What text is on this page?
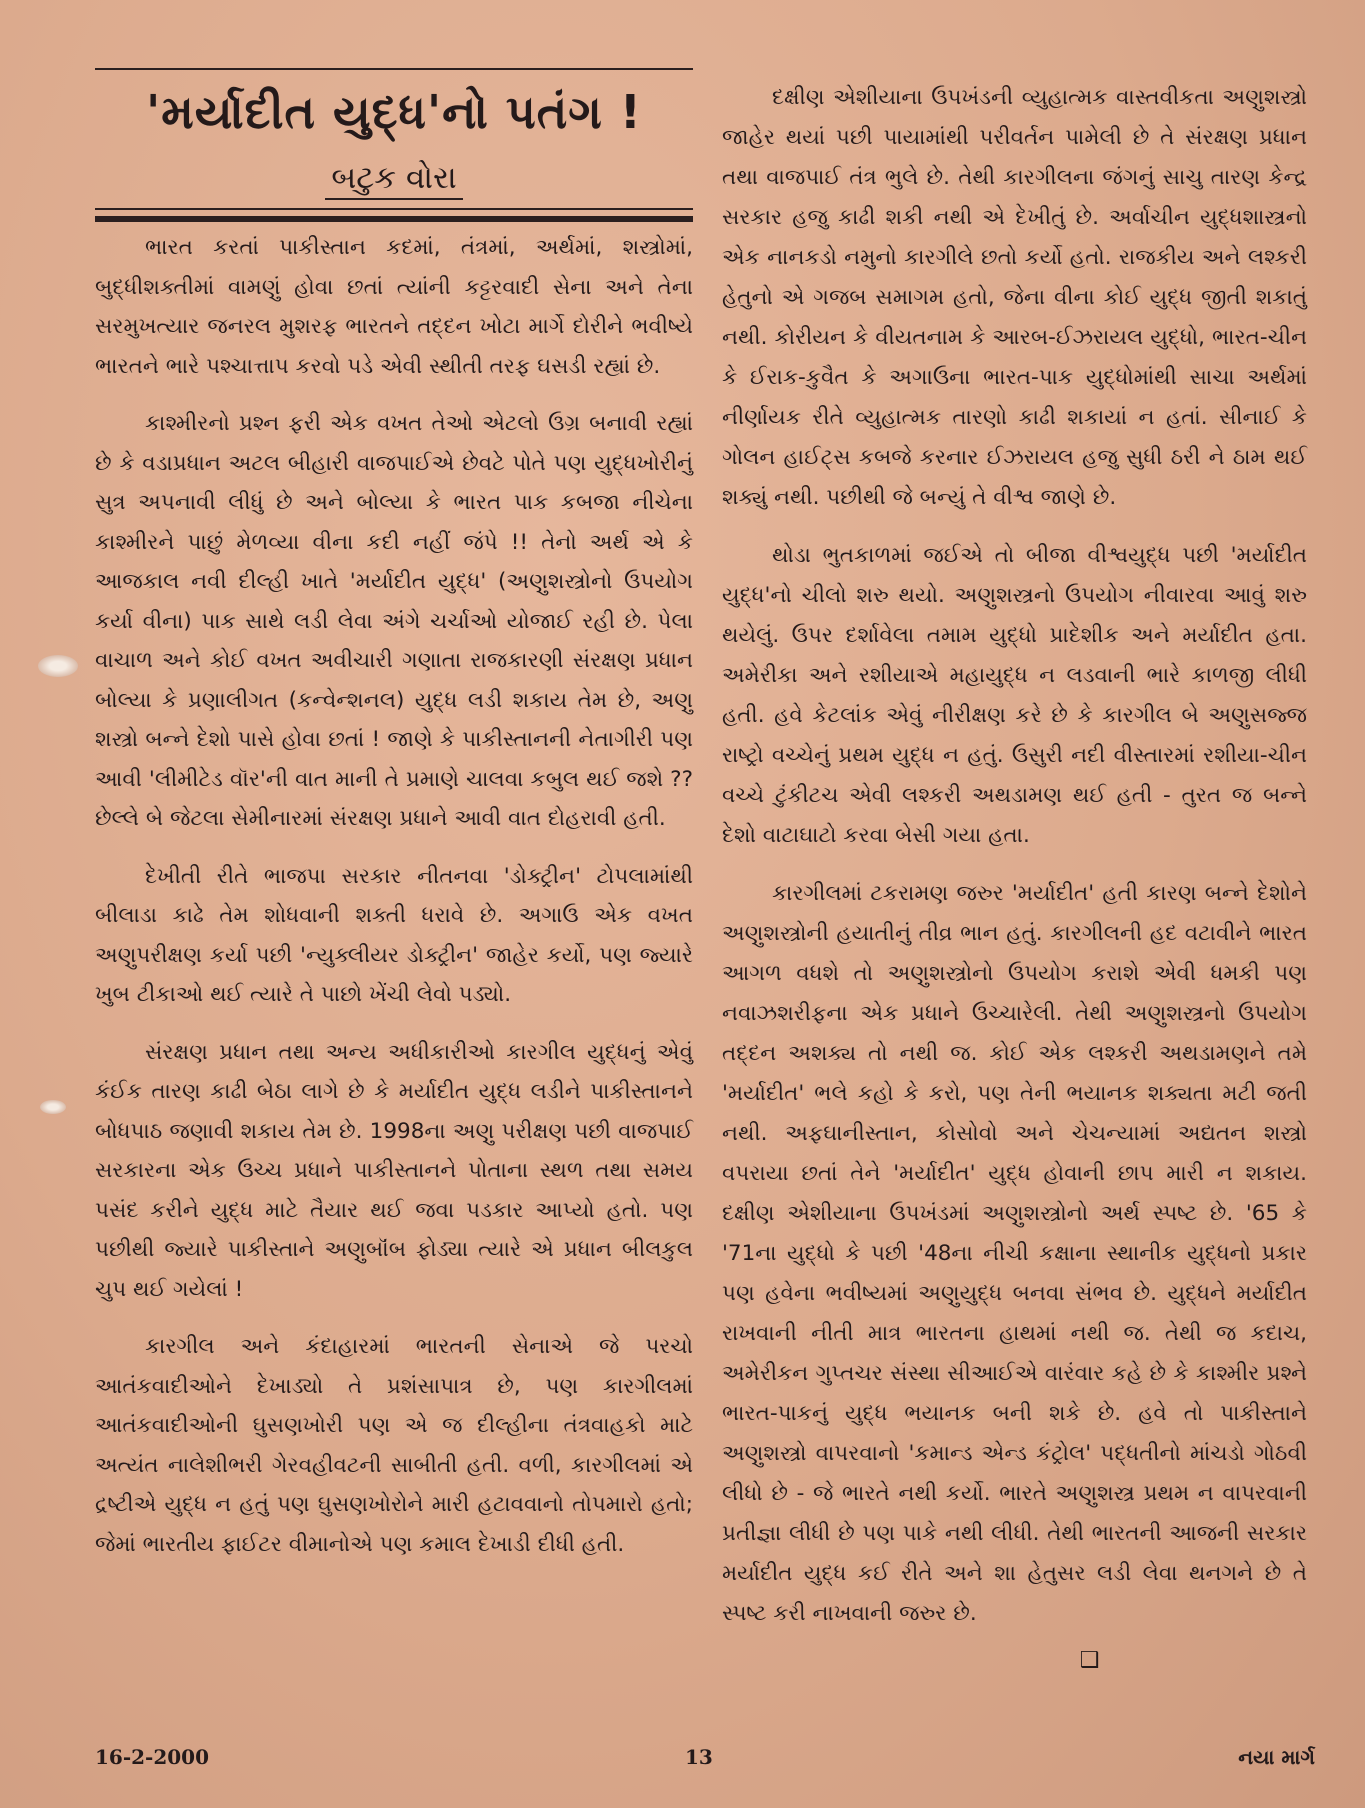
'મર્યાદીત યુદ્ધ'નો પતંગ !
બટુક વોરા

ભારત કરતાં પાકીસ્તાન કદમાં, તંત્રમાં, અર્થમાં, શસ્ત્રોમાં, બુદ્ધીશક્તીમાં વામણું હોવા છતાં ત્યાંની કટ્ટરવાદી સેના અને તેના સરમુખત્યાર જનરલ મુશરફ ભારતને તદ્દન ખોટા માર્ગે દોરીને ભવીષ્યે ભારતને ભારે પશ્ચાત્તાપ કરવો પડે એવી સ્થીતી તરફ ઘસડી રહ્યાં છે.

કાશ્મીરનો પ્રશ્ન ફરી એક વખત તેઓ એટલો ઉગ્ર બનાવી રહ્યાં છે કે વડાપ્રધાન અટલ બીહારી વાજપાઈએ છેવટે પોતે પણ યુદ્ધખોરીનું સુત્ર અપનાવી લીધું છે અને બોલ્યા કે ભારત પાક કબજા નીચેના કાશ્મીરને પાછું મેળવ્યા વીના કદી નહીં જંપે !! તેનો અર્થ એ કે આજકાલ નવી દીલ્હી ખાતે 'મર્યાદીત યુદ્ધ' (અણુશસ્ત્રોનો ઉપયોગ કર્યા વીના) પાક સાથે લડી લેવા અંગે ચર્ચાઓ યોજાઈ રહી છે. પેલા વાચાળ અને કોઈ વખત અવીચારી ગણાતા રાજકારણી સંરક્ષણ પ્રધાન બોલ્યા કે પ્રણાલીગત (કન્વેન્શનલ) યુદ્ધ લડી શકાય તેમ છે, અણુ શસ્ત્રો બન્ને દેશો પાસે હોવા છતાં ! જાણે કે પાકીસ્તાનની નેતાગીરી પણ આવી 'લીમીટેડ વૉર'ની વાત માની તે પ્રમાણે ચાલવા કબુલ થઈ જશે ?? છેલ્લે બે જેટલા સેમીનારમાં સંરક્ષણ પ્રધાને આવી વાત દોહરાવી હતી.

દેખીતી રીતે ભાજપા સરકાર નીતનવા 'ડોક્ટ્રીન' ટોપલામાંથી બીલાડા કાઢે તેમ શોધવાની શક્તી ધરાવે છે. અગાઉ એક વખત અણુપરીક્ષણ કર્યા પછી 'ન્યુક્લીયર ડોક્ટ્રીન' જાહેર કર્યો, પણ જ્યારે ખુબ ટીકાઓ થઈ ત્યારે તે પાછો ખેંચી લેવો પડ્યો.

સંરક્ષણ પ્રધાન તથા અન્ય અધીકારીઓ કારગીલ યુદ્ધનું એવું કંઈક તારણ કાઢી બેઠા લાગે છે કે મર્યાદીત યુદ્ધ લડીને પાકીસ્તાનને બોધપાઠ જણાવી શકાય તેમ છે. 1998ના અણુ પરીક્ષણ પછી વાજપાઈ સરકારના એક ઉચ્ચ પ્રધાને પાકીસ્તાનને પોતાના સ્થળ તથા સમય પસંદ કરીને યુદ્ધ માટે તૈયાર થઈ જવા પડકાર આપ્યો હતો. પણ પછીથી જ્યારે પાકીસ્તાને અણુબૉંબ ફોડ્યા ત્યારે એ પ્રધાન બીલકુલ ચુપ થઈ ગયેલાં !

કારગીલ અને કંદાહારમાં ભારતની સેનાએ જે પરચો આતંકવાદીઓને દેખાડ્યો તે પ્રશંસાપાત્ર છે, પણ કારગીલમાં આતંકવાદીઓની ઘુસણખોરી પણ એ જ દીલ્હીના તંત્રવાહકો માટે અત્યંત નાલેશીભરી ગેરવહીવટની સાબીતી હતી. વળી, કારગીલમાં એ દ્રષ્ટીએ યુદ્ધ ન હતું પણ ઘુસણખોરોને મારી હટાવવાનો તોપમારો હતો; જેમાં ભારતીય ફાઈટર વીમાનોએ પણ કમાલ દેખાડી દીધી હતી.

દક્ષીણ એશીયાના ઉપખંડની વ્યુહાત્મક વાસ્તવીકતા અણુશસ્ત્રો જાહેર થયાં પછી પાયામાંથી પરીવર્તન પામેલી છે તે સંરક્ષણ પ્રધાન તથા વાજપાઈ તંત્ર ભુલે છે. તેથી કારગીલના જંગનું સાચુ તારણ કેન્દ્ર સરકાર હજુ કાઢી શકી નથી એ દેખીતું છે. અર્વાચીન યુદ્ધશાસ્ત્રનો એક નાનકડો નમુનો કારગીલે છતો કર્યો હતો. રાજકીય અને લશ્કરી હેતુનો એ ગજબ સમાગમ હતો, જેના વીના કોઈ યુદ્ધ જીતી શકાતું નથી. કોરીયન કે વીયતનામ કે આરબ-ઈઝરાયલ યુદ્ધો, ભારત-ચીન કે ઈરાક-કુવૈત કે અગાઉના ભારત-પાક યુદ્ધોમાંથી સાચા અર્થમાં નીર્ણાયક રીતે વ્યુહાત્મક તારણો કાઢી શકાયાં ન હતાં. સીનાઈ કે ગોલન હાઈટ્સ કબજે કરનાર ઈઝરાયલ હજુ સુધી ઠરી ને ઠામ થઈ શક્યું નથી. પછીથી જે બન્યું તે વીશ્વ જાણે છે.

થોડા ભુતકાળમાં જઈએ તો બીજા વીશ્વયુદ્ધ પછી 'મર્યાદીત યુદ્ધ'નો ચીલો શરુ થયો. અણુશસ્ત્રનો ઉપયોગ નીવારવા આવું શરુ થયેલું. ઉપર દર્શાવેલા તમામ યુદ્ધો પ્રાદેશીક અને મર્યાદીત હતા. અમેરીકા અને રશીયાએ મહાયુદ્ધ ન લડવાની ભારે કાળજી લીધી હતી. હવે કેટલાંક એવું નીરીક્ષણ કરે છે કે કારગીલ બે અણુસજ્જ રાષ્ટ્રો વચ્ચેનું પ્રથમ યુદ્ધ ન હતું. ઉસુરી નદી વીસ્તારમાં રશીયા-ચીન વચ્ચે ટુંકીટચ એવી લશ્કરી અથડામણ થઈ હતી - તુરત જ બન્ને દેશો વાટાઘાટો કરવા બેસી ગયા હતા.

કારગીલમાં ટકરામણ જરુર 'મર્યાદીત' હતી કારણ બન્ને દેશોને અણુશસ્ત્રોની હયાતીનું તીવ્ર ભાન હતું. કારગીલની હદ વટાવીને ભારત આગળ વધશે તો અણુશસ્ત્રોનો ઉપયોગ કરાશે એવી ધમકી પણ નવાઝશરીફના એક પ્રધાને ઉચ્ચારેલી. તેથી અણુશસ્ત્રનો ઉપયોગ તદ્દન અશક્ય તો નથી જ. કોઈ એક લશ્કરી અથડામણને તમે 'મર્યાદીત' ભલે કહો કે કરો, પણ તેની ભયાનક શક્યતા મટી જતી નથી. અફઘાનીસ્તાન, કોસોવો અને ચેચન્યામાં અદ્યતન શસ્ત્રો વપરાયા છતાં તેને 'મર્યાદીત' યુદ્ધ હોવાની છાપ મારી ન શકાય. દક્ષીણ એશીયાના ઉપખંડમાં અણુશસ્ત્રોનો અર્થ સ્પષ્ટ છે. '65 કે '71ના યુદ્ધો કે પછી '48ના નીચી કક્ષાના સ્થાનીક યુદ્ધનો પ્રકાર પણ હવેના ભવીષ્યમાં અણુયુદ્ધ બનવા સંભવ છે. યુદ્ધને મર્યાદીત રાખવાની નીતી માત્ર ભારતના હાથમાં નથી જ. તેથી જ કદાચ, અમેરીકન ગુપ્તચર સંસ્થા સીઆઈએ વારંવાર કહે છે કે કાશ્મીર પ્રશ્ને ભારત-પાકનું યુદ્ધ ભયાનક બની શકે છે. હવે તો પાકીસ્તાને અણુશસ્ત્રો વાપરવાનો 'કમાન્ડ એન્ડ કંટ્રોલ' પદ્ધતીનો માંચડો ગોઠવી લીધો છે - જે ભારતે નથી કર્યો. ભારતે અણુશસ્ત્ર પ્રથમ ન વાપરવાની પ્રતીજ્ઞા લીધી છે પણ પાકે નથી લીધી. તેથી ભારતની આજની સરકાર મર્યાદીત યુદ્ધ કઈ રીતે અને શા હેતુસર લડી લેવા થનગને છે તે સ્પષ્ટ કરી નાખવાની જરુર છે.

❑
16-2-2000	13	નયા માર્ગ
